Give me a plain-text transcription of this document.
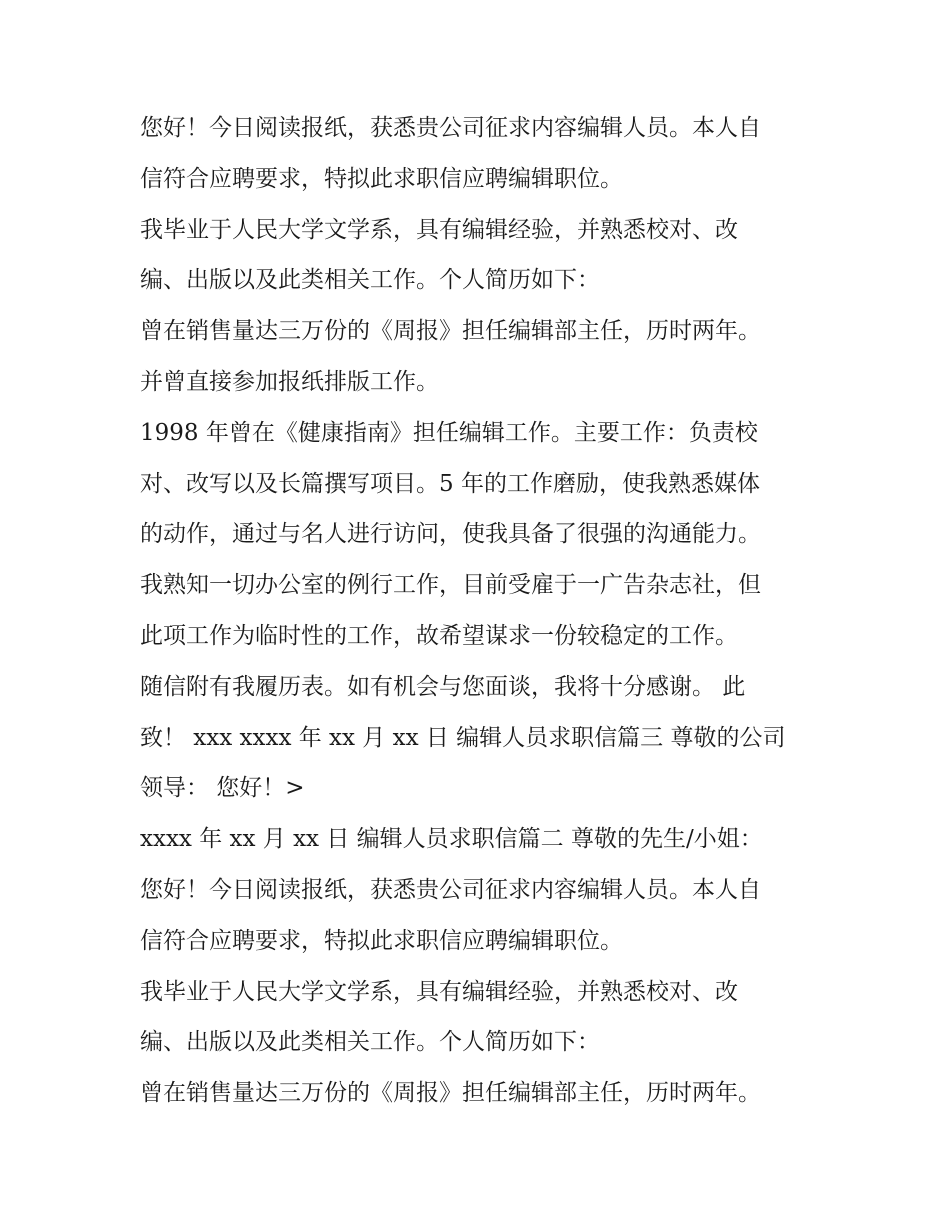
您好！今日阅读报纸，获悉贵公司征求内容编辑人员。本人自
信符合应聘要求，特拟此求职信应聘编辑职位。
我毕业于人民大学文学系，具有编辑经验，并熟悉校对、改
编、出版以及此类相关工作。个人简历如下：
曾在销售量达三万份的《周报》担任编辑部主任，历时两年。
并曾直接参加报纸排版工作。
1998 年曾在《健康指南》担任编辑工作。主要工作：负责校
对、改写以及长篇撰写项目。5 年的工作磨励，使我熟悉媒体
的动作，通过与名人进行访问，使我具备了很强的沟通能力。
我熟知一切办公室的例行工作，目前受雇于一广告杂志社，但
此项工作为临时性的工作，故希望谋求一份较稳定的工作。
随信附有我履历表。如有机会与您面谈，我将十分感谢。 此
致！ xxx xxxx 年 xx 月 xx 日 编辑人员求职信篇三 尊敬的公司
领导： 您好！>
xxxx 年 xx 月 xx 日 编辑人员求职信篇二 尊敬的先生/小姐：
您好！今日阅读报纸，获悉贵公司征求内容编辑人员。本人自
信符合应聘要求，特拟此求职信应聘编辑职位。
我毕业于人民大学文学系，具有编辑经验，并熟悉校对、改
编、出版以及此类相关工作。个人简历如下：
曾在销售量达三万份的《周报》担任编辑部主任，历时两年。
